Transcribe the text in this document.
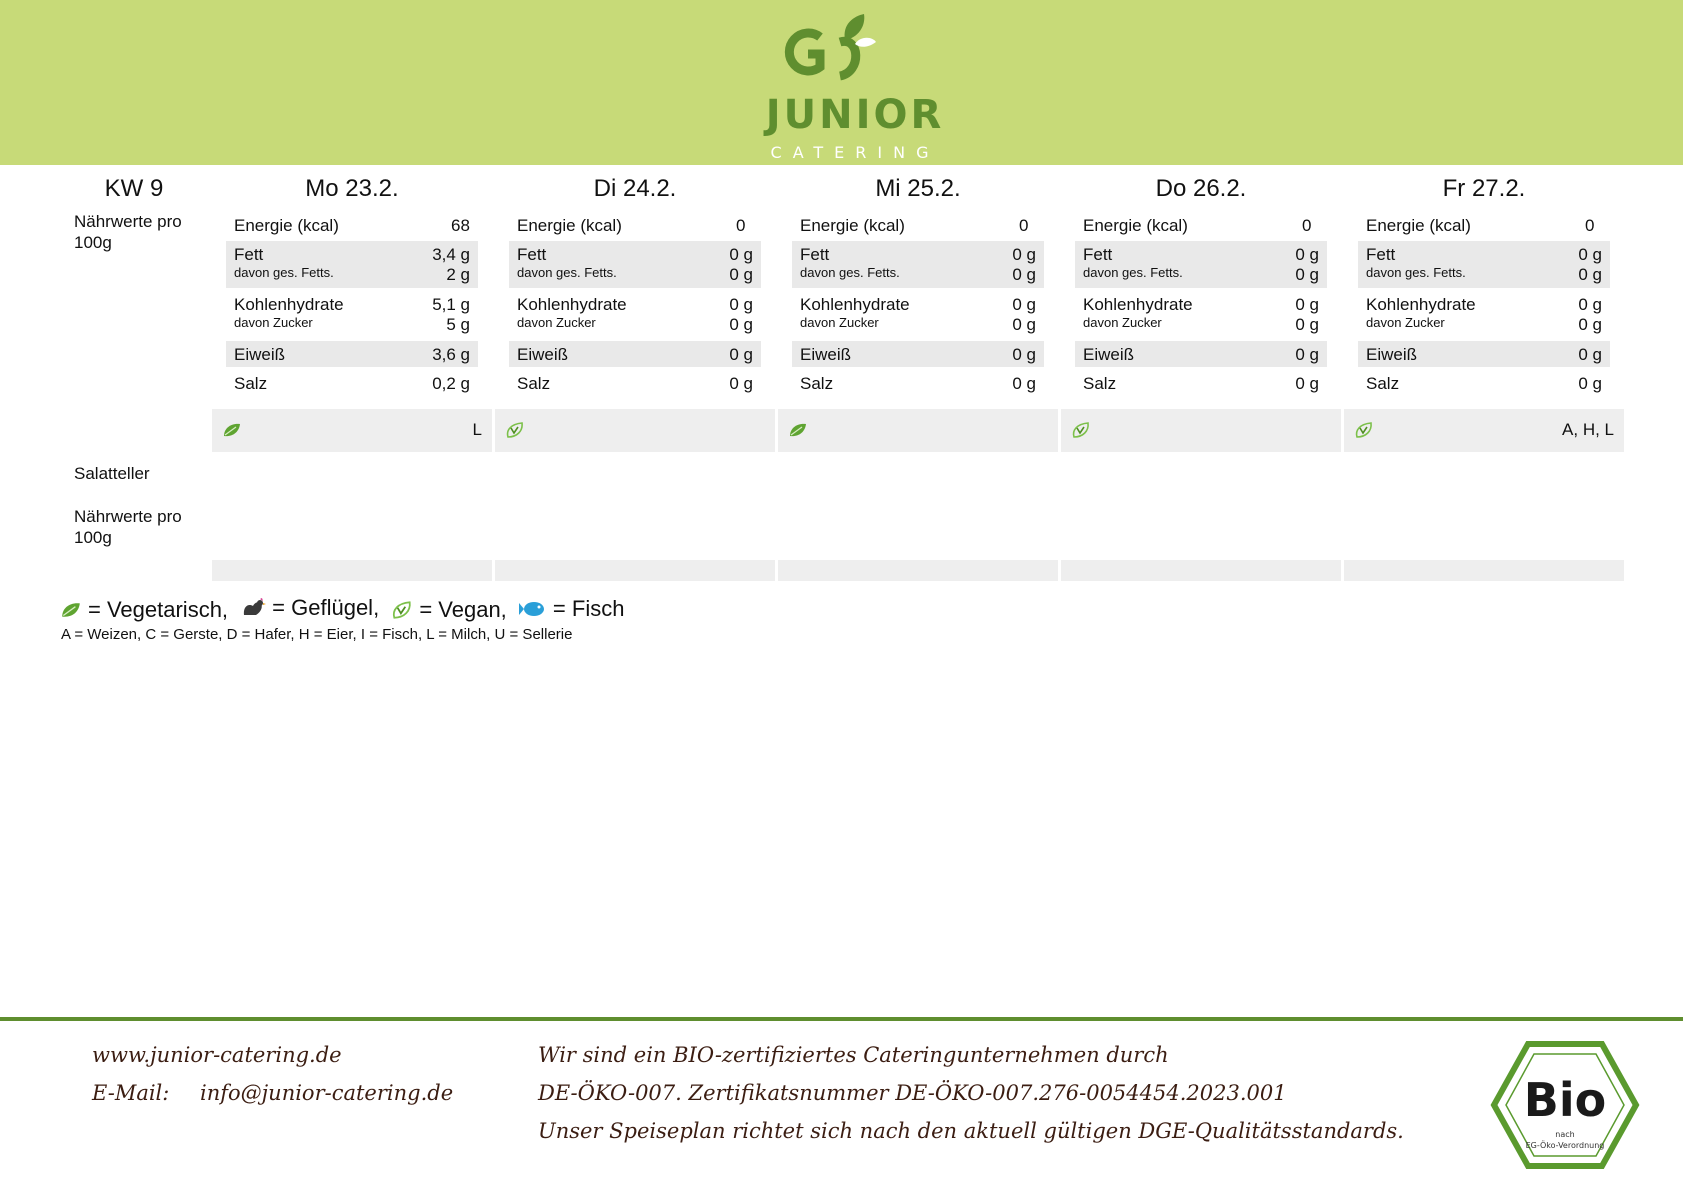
JUNIOR
CATERING
KW 9
Nährwerte pro 100g
Salatteller
Nährwerte pro 100g
Mo 23.2.
Energie (kcal)	68
Fett	3,4 g
davon ges. Fetts.	2 g
Kohlenhydrate	5,1 g
davon Zucker	5 g
Eiweiß	3,6 g
Salz	0,2 g
L
Di 24.2.
Energie (kcal)	0
Fett	0 g
davon ges. Fetts.	0 g
Kohlenhydrate	0 g
davon Zucker	0 g
Eiweiß	0 g
Salz	0 g
Mi 25.2.
Energie (kcal)	0
Fett	0 g
davon ges. Fetts.	0 g
Kohlenhydrate	0 g
davon Zucker	0 g
Eiweiß	0 g
Salz	0 g
Do 26.2.
Energie (kcal)	0
Fett	0 g
davon ges. Fetts.	0 g
Kohlenhydrate	0 g
davon Zucker	0 g
Eiweiß	0 g
Salz	0 g
Fr 27.2.
Energie (kcal)	0
Fett	0 g
davon ges. Fetts.	0 g
Kohlenhydrate	0 g
davon Zucker	0 g
Eiweiß	0 g
Salz	0 g
A, H, L
= Vegetarisch,
= Geflügel,
= Vegan,
= Fisch
A = Weizen, C = Gerste, D = Hafer, H = Eier, I = Fisch, L = Milch, U = Sellerie
www.junior-catering.de
E-Mail: info@junior-catering.de
Wir sind ein BIO-zertifiziertes Cateringunternehmen durch
DE-ÖKO-007. Zertifikatsnummer DE-ÖKO-007.276-0054454.2023.001
Unser Speiseplan richtet sich nach den aktuell gültigen DGE-Qualitätsstandards.
Bio
nach
EG-Öko-Verordnung
